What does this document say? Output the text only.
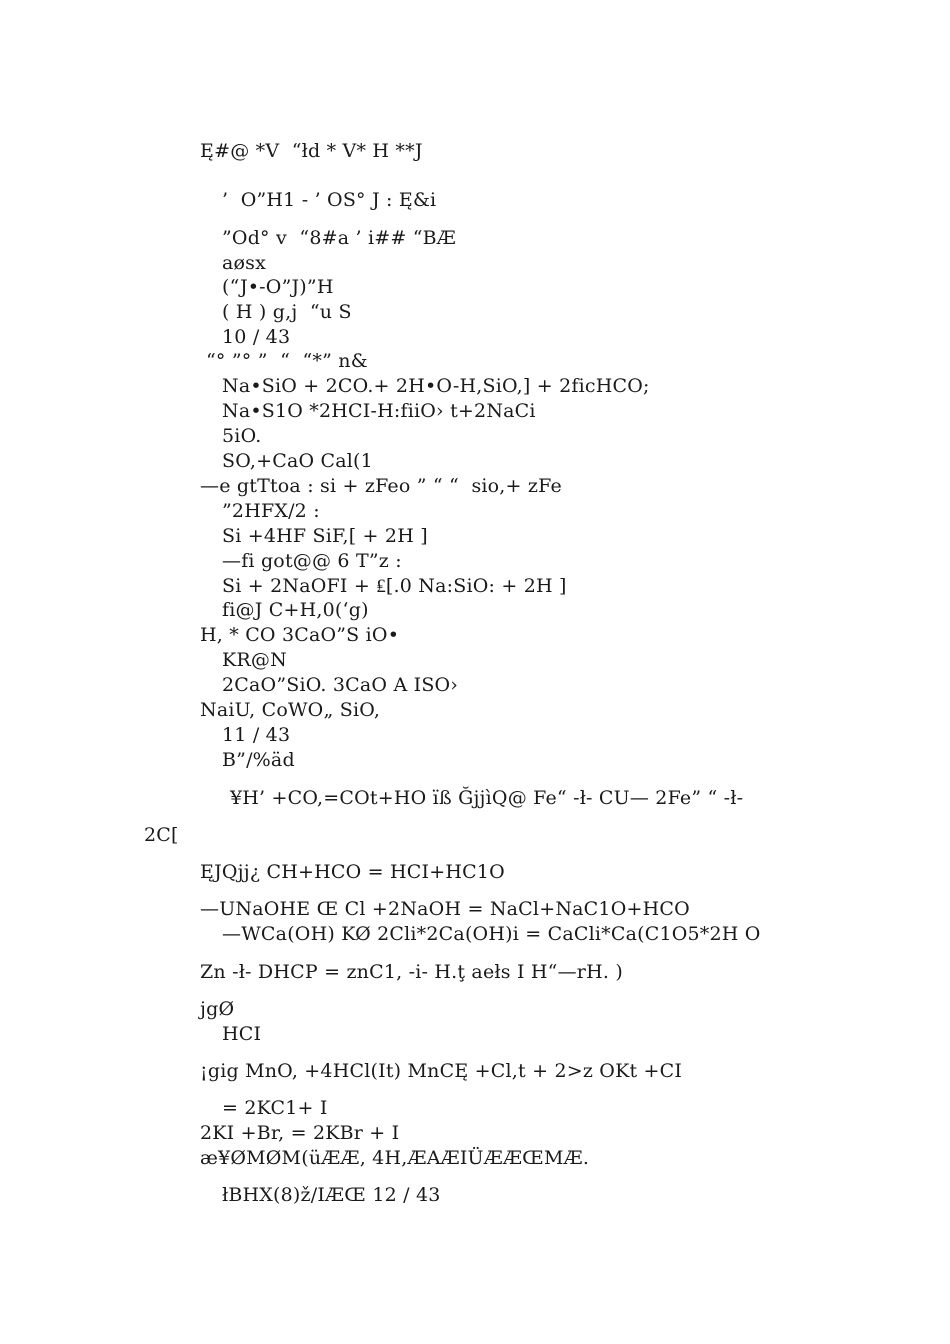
Ę#@ *V  “łd * V* H **J
’  O”H1 - ’ OS° J : Ę&i
”Od° v  “8#a ’ i## “BÆ
aøsx
(“J•-O”J)”H
( H ) g,j  “u S
10 / 43
“° ”° ”  “  “*” n&
Na•SiO + 2CO.+ 2H•O-H,SiO,] + 2ficHCO;
Na•S1O *2HCI-H:fiiO› t+2NaCi
5iO.
SO,+CaO Cal(1
—e gtTtoa : si + zFeo ” “ “  sio,+ zFe
”2HFX/2 :
Si +4HF SiF,[ + 2H ]
—fi got@@ 6 T”z :
Si + 2NaOFI + ₤[.0 Na:SiO: + 2H ]
fi@J C+H,0(‘g)
H, * CO 3CaO”S iO•
KR@N
2CaO”SiO. 3CaO A ISO›
NaiU, CoWO„ SiO,
11 / 43
B”/%äd
¥H’ +CO,=COt+HO ïß ĞjjìQ@ Fe“ -ł- CU— 2Fe” “ -ł-
2C[
ĘJQjj¿ CH+HCO = HCI+HC1O
—UNaOHE Œ Cl +2NaOH = NaCl+NaC1O+HCO
—WCa(OH) KØ 2Cli*2Ca(OH)i = CaCli*Ca(C1O5*2H O
Zn -ł- DHCP = znC1, -i- H.ţ aełs I H“—rH. )
jgØ
HCI
¡gig MnO, +4HCl(It) MnCĘ +Cl,t + 2>z OKt +CI
= 2KC1+ I
2KI +Br, = 2KBr + I
æ¥ØMØM(üÆÆ, 4H,ÆAÆIÜÆÆŒMÆ.
łBHX(8)ž/IÆŒ 12 / 43
